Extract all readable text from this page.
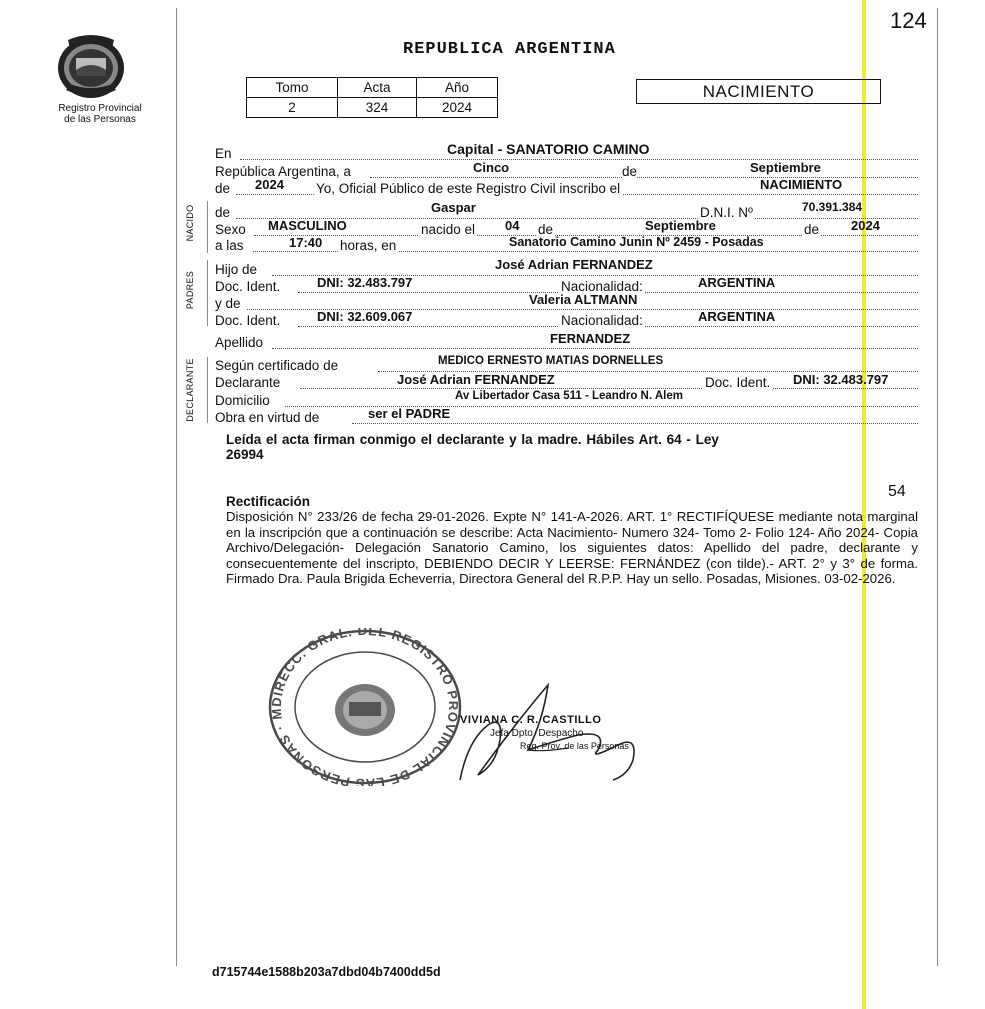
124
Registro Provincial
de las Personas
REPUBLICA ARGENTINA
Tomo	Acta	Año
2	324	2024
NACIMIENTO
En	Capital - SANATORIO CAMINO
República Argentina, a	Cinco	de	Septiembre
de 2024 Yo, Oficial Público de este Registro Civil inscribo el	NACIMIENTO
NACIDO de	Gaspar	D.N.I. Nº	70.391.384
Sexo MASCULINO	nacido el 04 de	Septiembre	de 2024
a las	17:40 horas, en	Sanatorio Camino Junin Nº 2459 - Posadas
PADRES
Hijo de	José Adrian FERNANDEZ
Doc. Ident.	DNI: 32.483.797	Nacionalidad:	ARGENTINA
y de	Valeria ALTMANN
Doc. Ident.	DNI: 32.609.067	Nacionalidad:	ARGENTINA
Apellido	FERNANDEZ
DECLARANTE Según certificado de	MEDICO ERNESTO MATIAS DORNELLES
Declarante	José Adrian FERNANDEZ	Doc. Ident. DNI: 32.483.797
Domicilio	Av Libertador Casa 511 - Leandro N. Alem
Obra en virtud de	ser el PADRE
Leída el acta firman conmigo el declarante y la madre. Hábiles Art. 64 - Ley
26994
54
Rectificación
Disposición N° 233/26 de fecha 29-01-2026. Expte N° 141-A-2026. ART. 1° RECTIFÍQUESE mediante nota marginal en la inscripción que a continuación se describe: Acta Nacimiento- Numero 324- Tomo 2- Folio 124- Año 2024- Copia Archivo/Delegación- Delegación Sanatorio Camino, los siguientes datos: Apellido del padre, declarante y consecuentemente del inscripto, DEBIENDO DECIR Y LEERSE: FERNÁNDEZ (con tilde).- ART. 2° y 3° de forma. Firmado Dra. Paula Brigida Echeverria, Directora General del R.P.P. Hay un sello. Posadas, Misiones. 03-02-2026.
DIRECC. GRAL. DEL REGISTRO PROVINCIAL DE LAS PERSONAS · M	VIVIANA C. R. CASTILLO
Jefa Dpto. Despacho
Reg. Prov. de las Personas
d715744e1588b203a7dbd04b7400dd5d
